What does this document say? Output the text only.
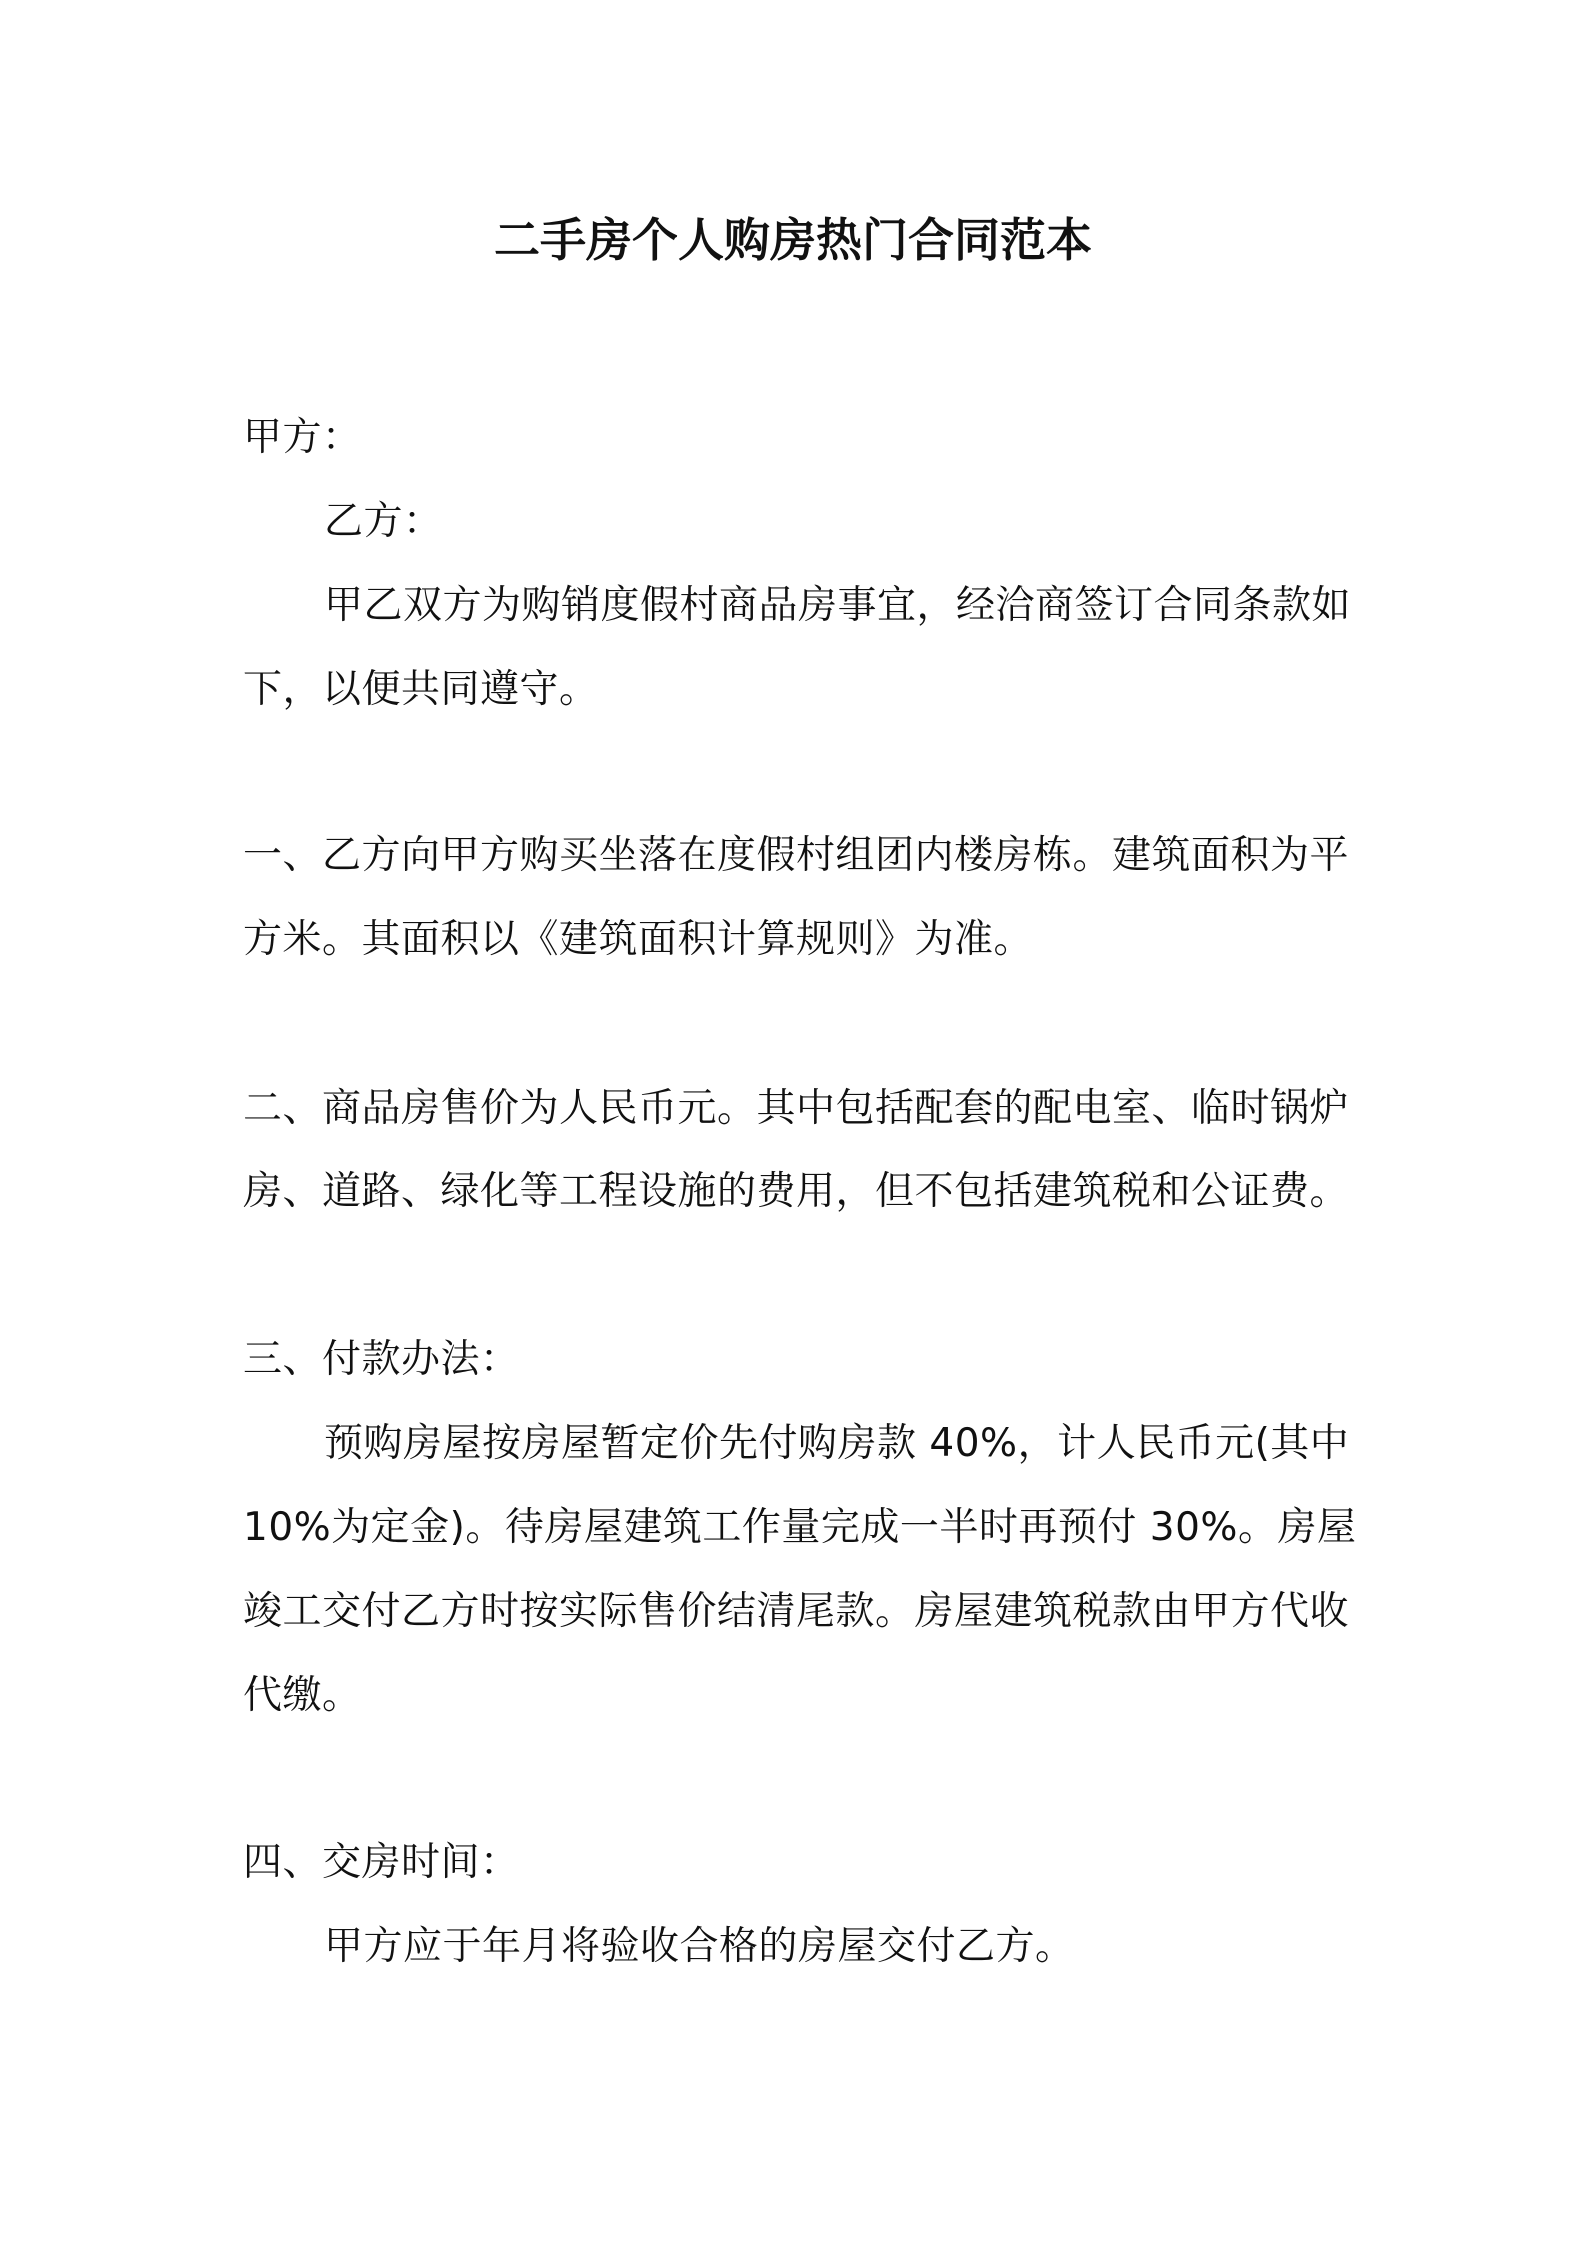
二手房个人购房热门合同范本
甲方：
乙方：
甲乙双方为购销度假村商品房事宜，经洽商签订合同条款如
下，以便共同遵守。
一、乙方向甲方购买坐落在度假村组团内楼房栋。建筑面积为平
方米。其面积以《建筑面积计算规则》为准。
二、商品房售价为人民币元。其中包括配套的配电室、临时锅炉
房、道路、绿化等工程设施的费用，但不包括建筑税和公证费。
三、付款办法：
预购房屋按房屋暂定价先付购房款 40%，计人民币元(其中
10%为定金)。待房屋建筑工作量完成一半时再预付 30%。房屋
竣工交付乙方时按实际售价结清尾款。房屋建筑税款由甲方代收
代缴。
四、交房时间：
甲方应于年月将验收合格的房屋交付乙方。
